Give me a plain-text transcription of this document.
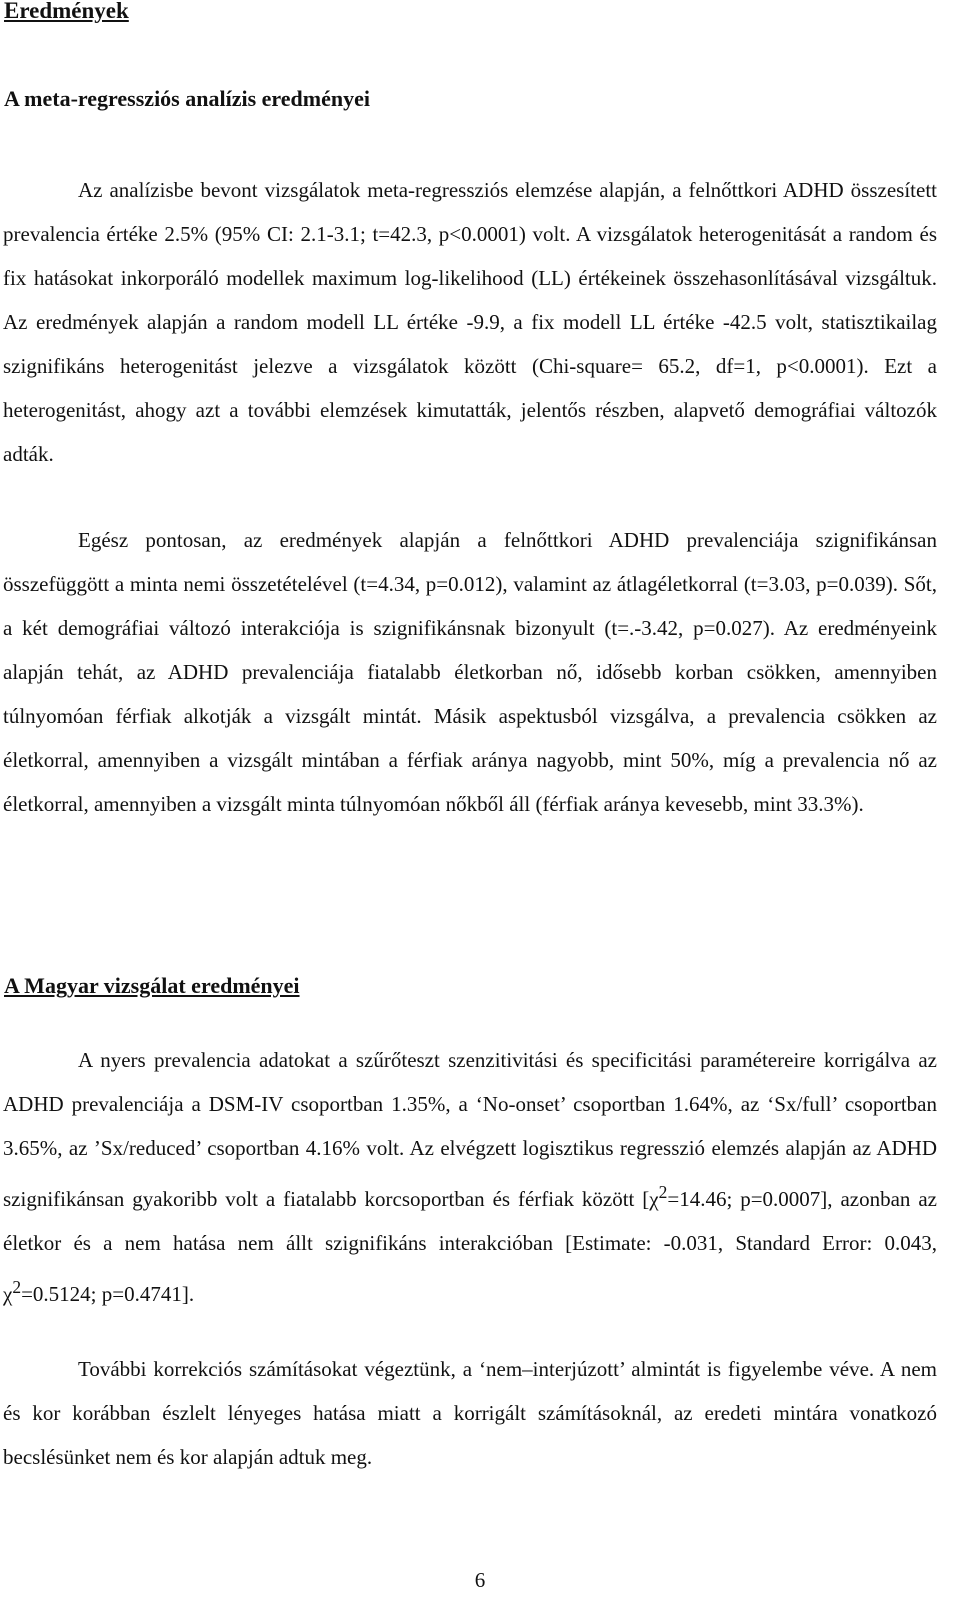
Eredmények
A meta-regressziós analízis eredményei

Az analízisbe bevont vizsgálatok meta-regressziós elemzése alapján, a felnőttkori ADHD összesített prevalencia értéke 2.5% (95% CI: 2.1-3.1; t=42.3, p<0.0001) volt. A vizsgálatok heterogenitását a random és fix hatásokat inkorporáló modellek maximum log-likelihood (LL) értékeinek összehasonlításával vizsgáltuk. Az eredmények alapján a random modell LL értéke -9.9, a fix modell LL értéke -42.5 volt, statisztikailag szignifikáns heterogenitást jelezve a vizsgálatok között (Chi-square= 65.2, df=1, p<0.0001). Ezt a heterogenitást, ahogy azt a további elemzések kimutatták, jelentős részben, alapvető demográfiai változók adták.

Egész pontosan, az eredmények alapján a felnőttkori ADHD prevalenciája szignifikánsan összefüggött a minta nemi összetételével (t=4.34, p=0.012), valamint az átlagéletkorral (t=3.03, p=0.039). Sőt, a két demográfiai változó interakciója is szignifikánsnak bizonyult (t=.-3.42, p=0.027). Az eredményeink alapján tehát, az ADHD prevalenciája fiatalabb életkorban nő, idősebb korban csökken, amennyiben túlnyomóan férfiak alkotják a vizsgált mintát. Másik aspektusból vizsgálva, a prevalencia csökken az életkorral, amennyiben a vizsgált mintában a férfiak aránya nagyobb, mint 50%, míg a prevalencia nő az életkorral, amennyiben a vizsgált minta túlnyomóan nőkből áll (férfiak aránya kevesebb, mint 33.3%).

A Magyar vizsgálat eredményei

A nyers prevalencia adatokat a szűrőteszt szenzitivitási és specificitási paramétereire korrigálva az ADHD prevalenciája a DSM-IV csoportban 1.35%, a ‘No-onset’ csoportban 1.64%, az ‘Sx/full’ csoportban 3.65%, az ’Sx/reduced’ csoportban 4.16% volt. Az elvégzett logisztikus regresszió elemzés alapján az ADHD szignifikánsan gyakoribb volt a fiatalabb korcsoportban és férfiak között [$\chi^2=14.46$; p=0.0007], azonban az életkor és a nem hatása nem állt szignifikáns interakcióban [Estimate: -0.031, Standard Error: 0.043, $\chi^2=0.5124$; p=0.4741].

További korrekciós számításokat végeztünk, a ‘nem–interjúzott’ almintát is figyelembe véve. A nem és kor korábban észlelt lényeges hatása miatt a korrigált számításoknál, az eredeti mintára vonatkozó becslésünket nem és kor alapján adtuk meg.

6
